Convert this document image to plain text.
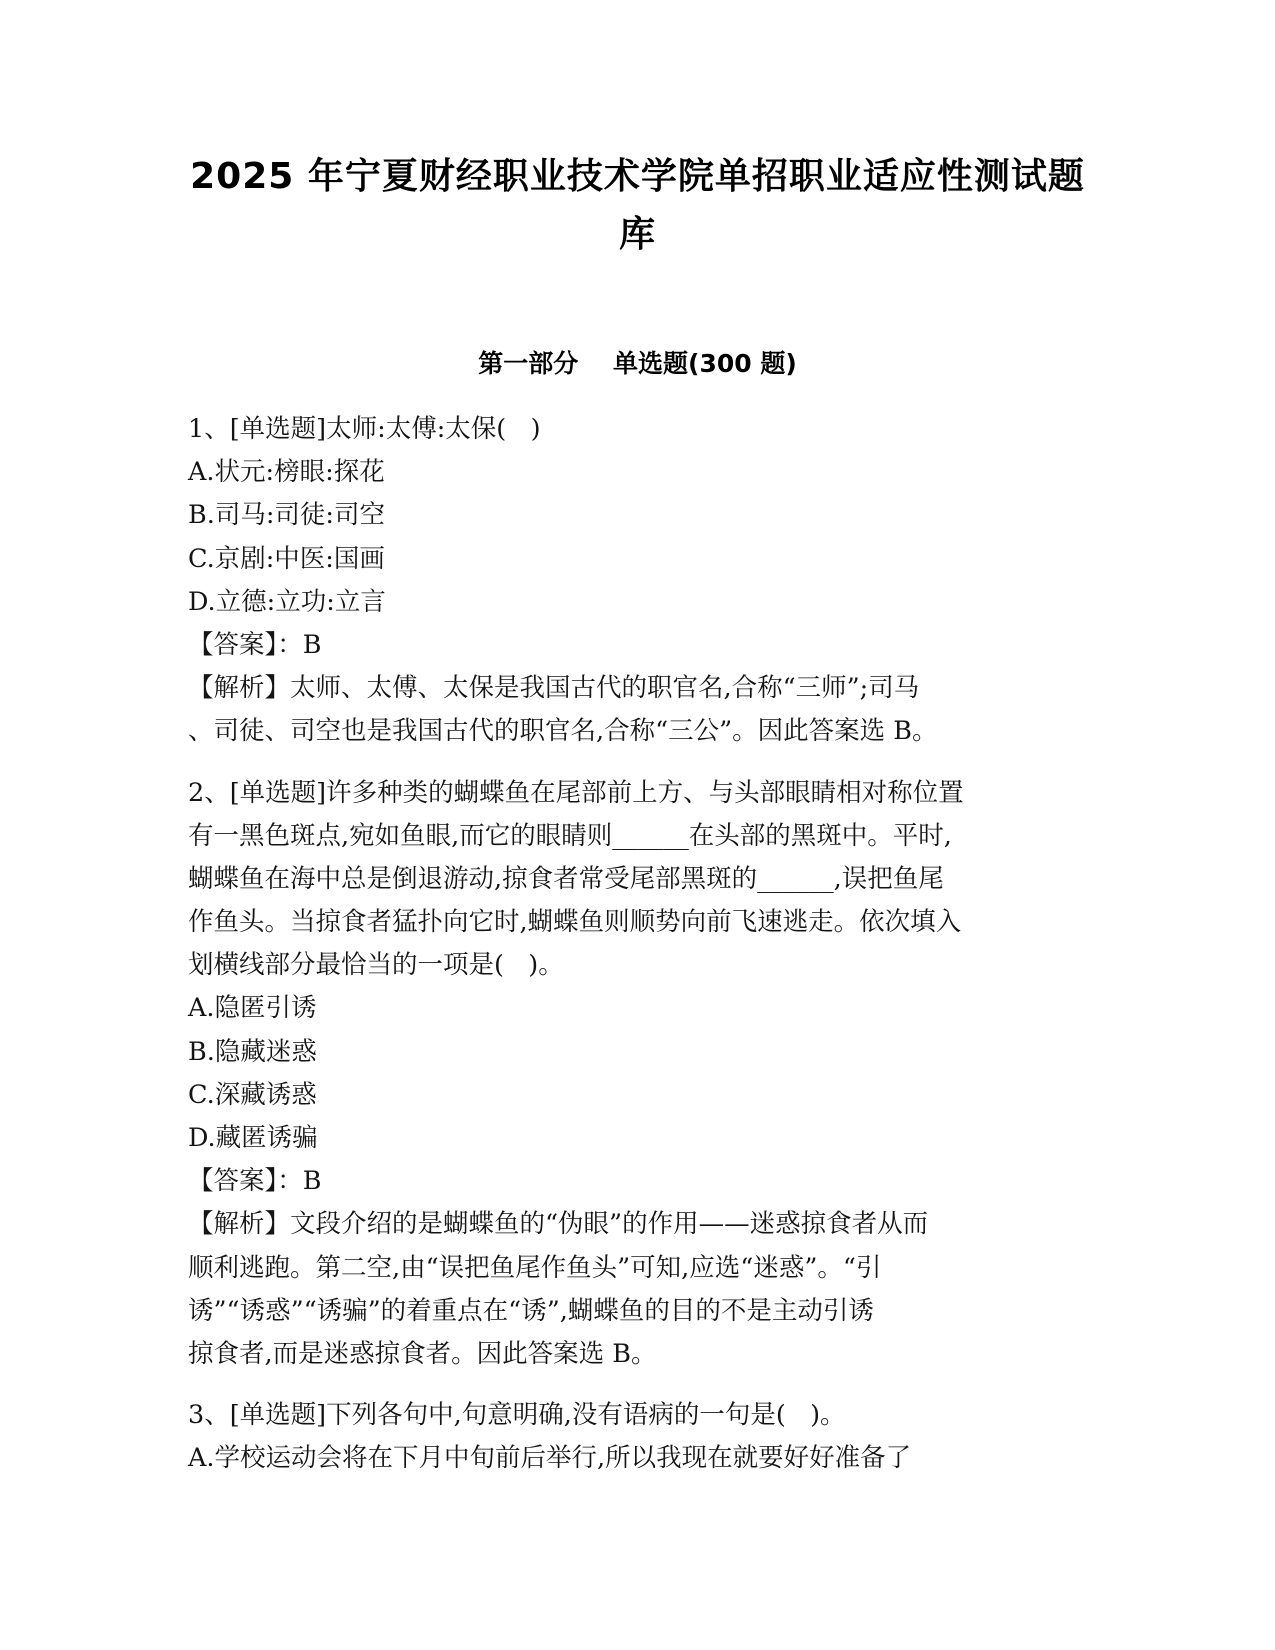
2025 年宁夏财经职业技术学院单招职业适应性测试题
库
第一部分    单选题(300 题)
1、[单选题]太师:太傅:太保(   )
A.状元:榜眼:探花
B.司马:司徒:司空
C.京剧:中医:国画
D.立德:立功:立言
【答案】：B
【解析】太师、太傅、太保是我国古代的职官名,合称“三师”;司马
、司徒、司空也是我国古代的职官名,合称“三公”。因此答案选 B。
2、[单选题]许多种类的蝴蝶鱼在尾部前上方、与头部眼睛相对称位置
有一黑色斑点,宛如鱼眼,而它的眼睛则______在头部的黑斑中。平时,
蝴蝶鱼在海中总是倒退游动,掠食者常受尾部黑斑的______,误把鱼尾
作鱼头。当掠食者猛扑向它时,蝴蝶鱼则顺势向前飞速逃走。依次填入
划横线部分最恰当的一项是(   )。
A.隐匿引诱
B.隐藏迷惑
C.深藏诱惑
D.藏匿诱骗
【答案】：B
【解析】文段介绍的是蝴蝶鱼的“伪眼”的作用——迷惑掠食者从而
顺利逃跑。第二空,由“误把鱼尾作鱼头”可知,应选“迷惑”。“引
诱”“诱惑”“诱骗”的着重点在“诱”,蝴蝶鱼的目的不是主动引诱
掠食者,而是迷惑掠食者。因此答案选 B。
3、[单选题]下列各句中,句意明确,没有语病的一句是(   )。
A.学校运动会将在下月中旬前后举行,所以我现在就要好好准备了
